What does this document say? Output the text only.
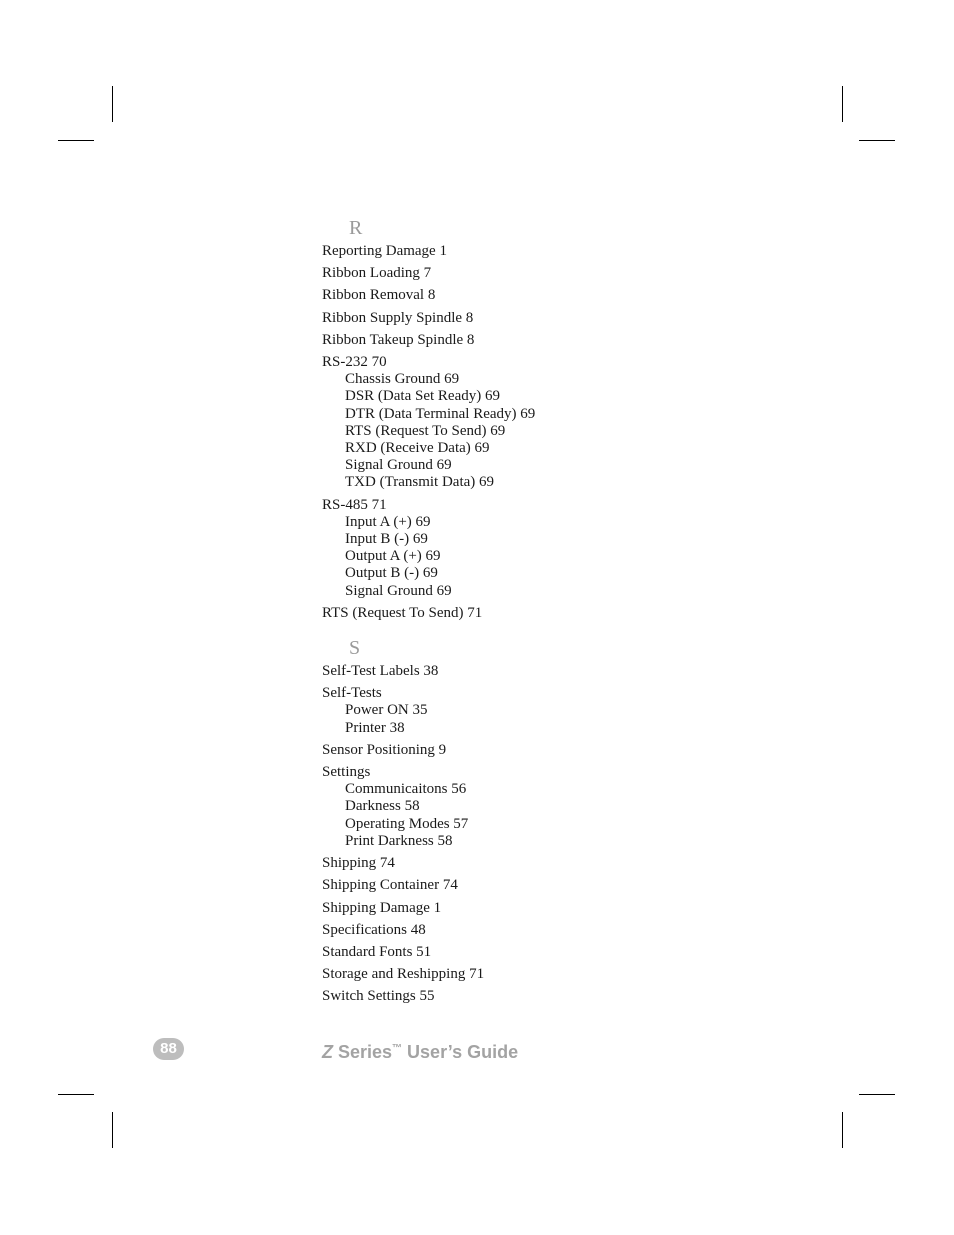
R
Reporting Damage 1
Ribbon Loading 7
Ribbon Removal 8
Ribbon Supply Spindle 8
Ribbon Takeup Spindle 8
RS-232 70
Chassis Ground 69
DSR (Data Set Ready) 69
DTR (Data Terminal Ready) 69
RTS (Request To Send) 69
RXD (Receive Data) 69
Signal Ground 69
TXD (Transmit Data) 69
RS-485 71
Input A (+) 69
Input B (-) 69
Output A (+) 69
Output B (-) 69
Signal Ground 69
RTS (Request To Send) 71
S
Self-Test Labels 38
Self-Tests
Power ON 35
Printer 38
Sensor Positioning 9
Settings
Communicaitons 56
Darkness 58
Operating Modes 57
Print Darkness 58
Shipping 74
Shipping Container 74
Shipping Damage 1
Specifications 48
Standard Fonts 51
Storage and Reshipping 71
Switch Settings 55
88	Z Series™ User’s Guide
